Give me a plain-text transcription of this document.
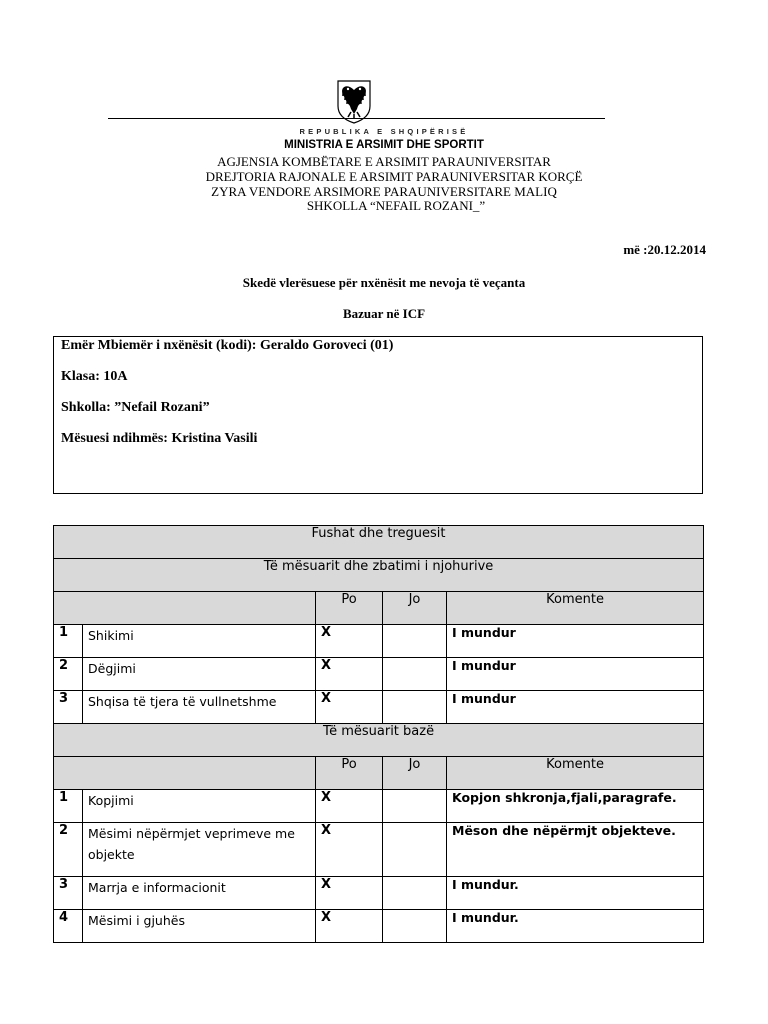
REPUBLIKA E SHQIPËRISË
MINISTRIA E ARSIMIT DHE SPORTIT
AGJENSIA KOMBËTARE E ARSIMIT PARAUNIVERSITAR
DREJTORIA RAJONALE E ARSIMIT PARAUNIVERSITAR KORÇË
ZYRA VENDORE ARSIMORE PARAUNIVERSITARE MALIQ
SHKOLLA “NEFAIL ROZANI_”
më :20.12.2014
Skedë vlerësuese për nxënësit me nevoja të veçanta
Bazuar në ICF
Emër Mbiemër i nxënësit (kodi): Geraldo Goroveci (01)
Klasa: 10A
Shkolla: ”Nefail Rozani”
Mësuesi ndihmës: Kristina Vasili
Fushat dhe treguesit				
Të mësuarit dhe zbatimi i njohurive				
		Po	Jo	Komente
1	Shikimi	X		I mundur
2	Dëgjimi	X		I mundur
3	Shqisa të tjera të vullnetshme	X		I mundur
Të mësuarit bazë				
		Po	Jo	Komente
1	Kopjimi	X		Kopjon shkronja,fjali,paragrafe.
2	Mësimi nëpërmjet veprimeve me objekte	X		Mëson dhe nëpërmjt objekteve.
3	Marrja e informacionit	X		I mundur.
4	Mësimi i gjuhës	X		I mundur.
